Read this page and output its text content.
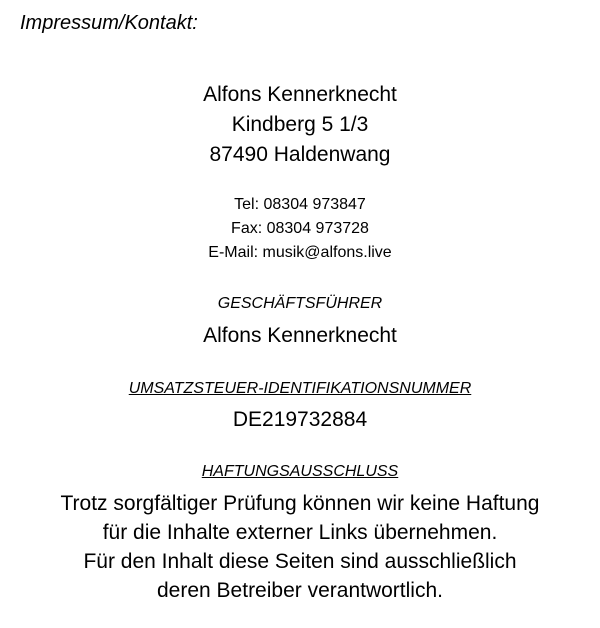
Impressum/Kontakt:
Alfons Kennerknecht
Kindberg 5 1/3
87490 Haldenwang
Tel: 08304 973847
Fax: 08304 973728
E-Mail: musik@alfons.live
GESCHÄFTSFÜHRER
Alfons Kennerknecht
UMSATZSTEUER-IDENTIFIKATIONSNUMMER
DE219732884
HAFTUNGSAUSSCHLUSS
Trotz sorgfältiger Prüfung können wir keine Haftung
für die Inhalte externer Links übernehmen.
Für den Inhalt diese Seiten sind ausschließlich
deren Betreiber verantwortlich.
